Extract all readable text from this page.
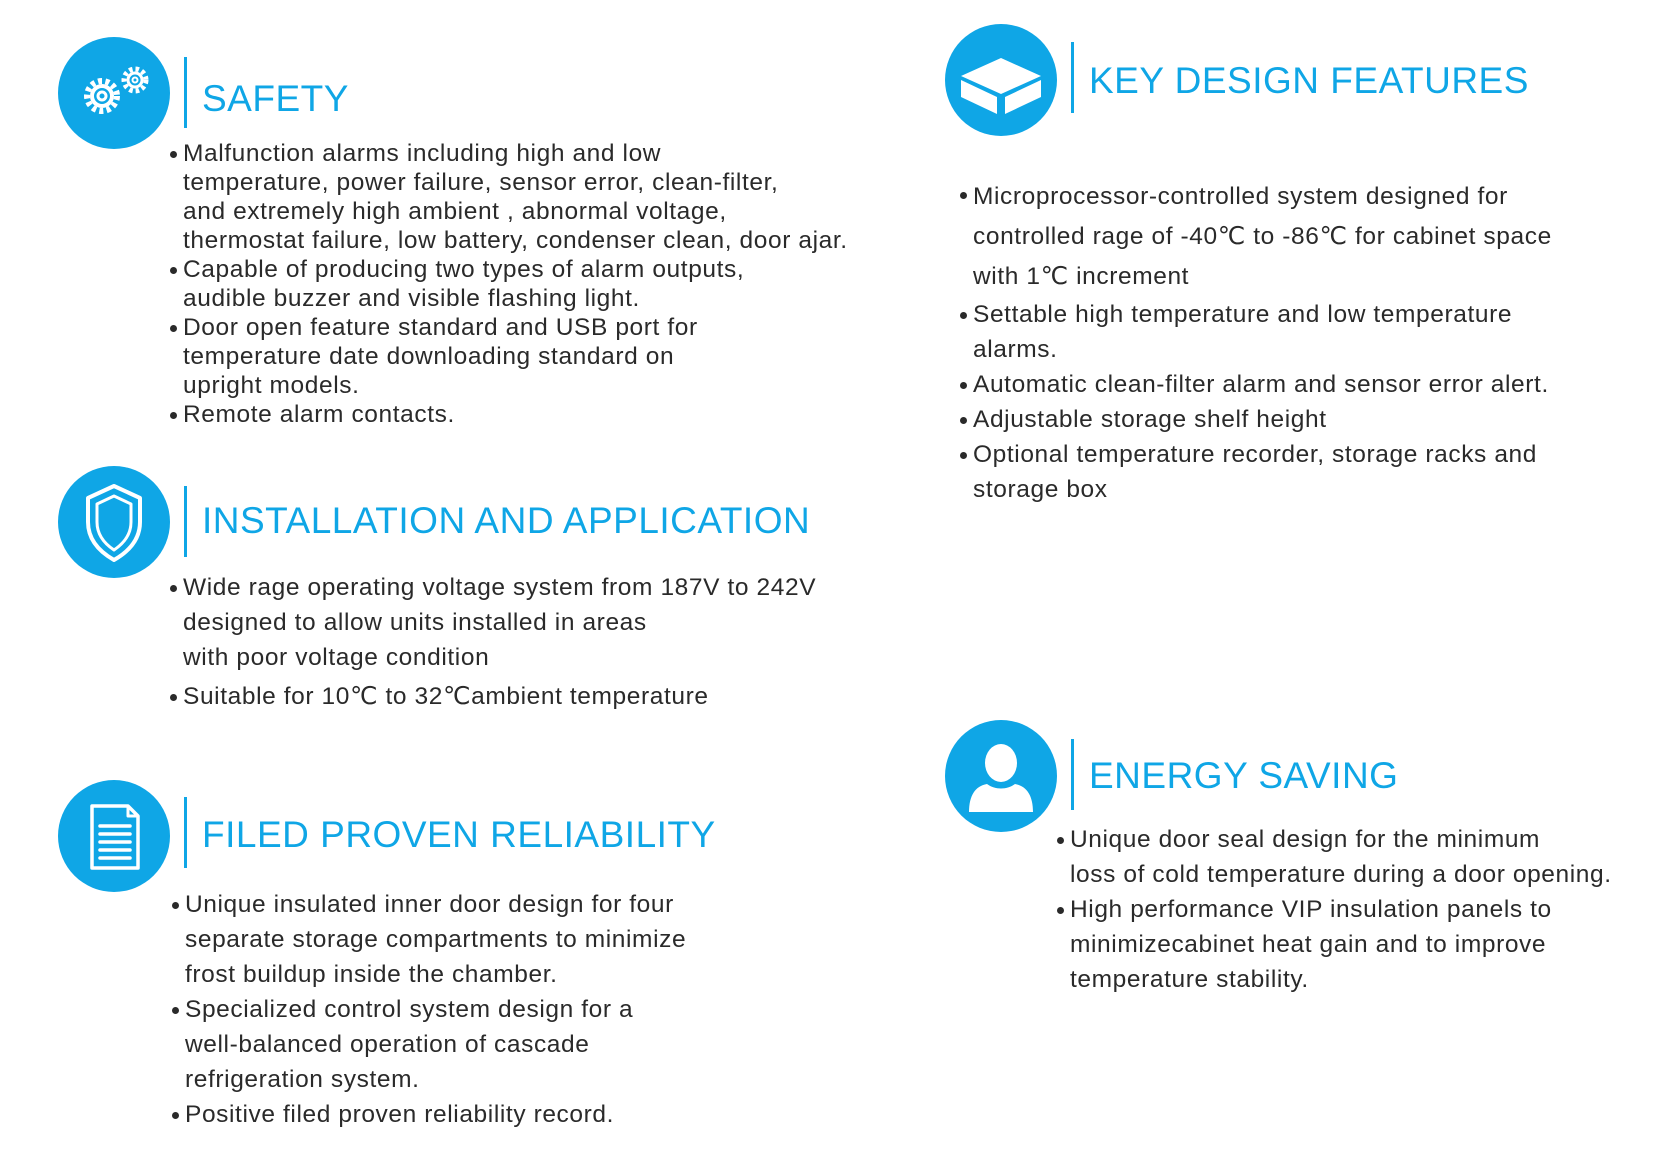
SAFETY
Malfunction alarms including high and low
temperature, power failure, sensor error, clean-filter,
and extremely high ambient , abnormal voltage,
thermostat failure, low battery, condenser clean, door ajar.
Capable of producing two types of alarm outputs,
audible buzzer and visible flashing light.
Door open feature standard and USB port for
temperature date downloading standard on
upright models.
Remote alarm contacts.
INSTALLATION AND APPLICATION
Wide rage operating voltage system from 187V to 242V
designed to allow units installed in areas
with poor voltage condition
Suitable for 10℃ to 32℃ambient temperature
FILED PROVEN RELIABILITY
Unique insulated inner door design for four
separate storage compartments to minimize
frost buildup inside the chamber.
Specialized control system design for a
well-balanced operation of cascade
refrigeration system.
Positive filed proven reliability record.
KEY DESIGN FEATURES
Microprocessor-controlled system designed for
controlled rage of -40℃ to -86℃ for cabinet space
with 1℃ increment
Settable high temperature and low temperature
alarms.
Automatic clean-filter alarm and sensor error alert.
Adjustable storage shelf height
Optional temperature recorder, storage racks and
storage box
ENERGY SAVING
Unique door seal design for the minimum
loss of cold temperature during a door opening.
High performance VIP insulation panels to
minimizecabinet heat gain and to improve
temperature stability.
